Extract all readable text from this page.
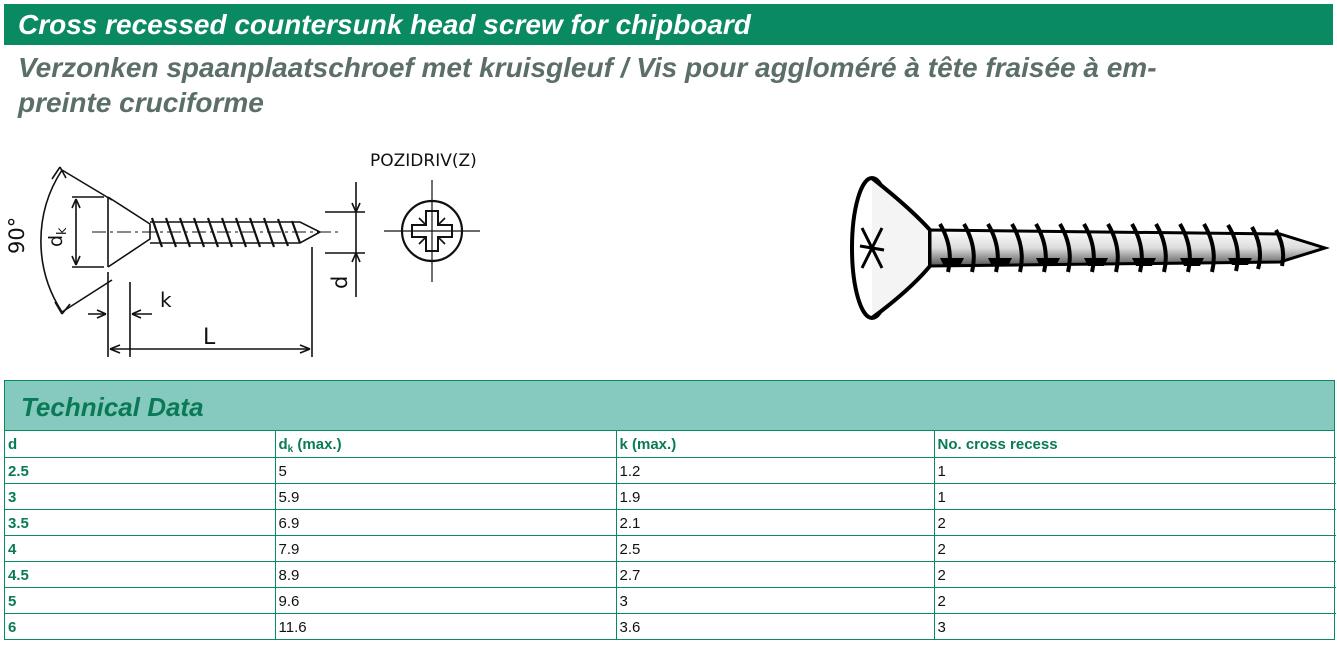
Cross recessed countersunk head screw for chipboard
Verzonken spaanplaatschroef met kruisgleuf / Vis pour aggloméré à tête fraisée à em-
preinte cruciforme
POZIDRIV(Z)
90° $d_k$
d
k
L
Technical Data
d	$d_k$ (max.)	k (max.)	No. cross recess
2.5	5	1.2	1
3	5.9	1.9	1
3.5	6.9	2.1	2
4	7.9	2.5	2
4.5	8.9	2.7	2
5	9.6	3	2
6	11.6	3.6	3
